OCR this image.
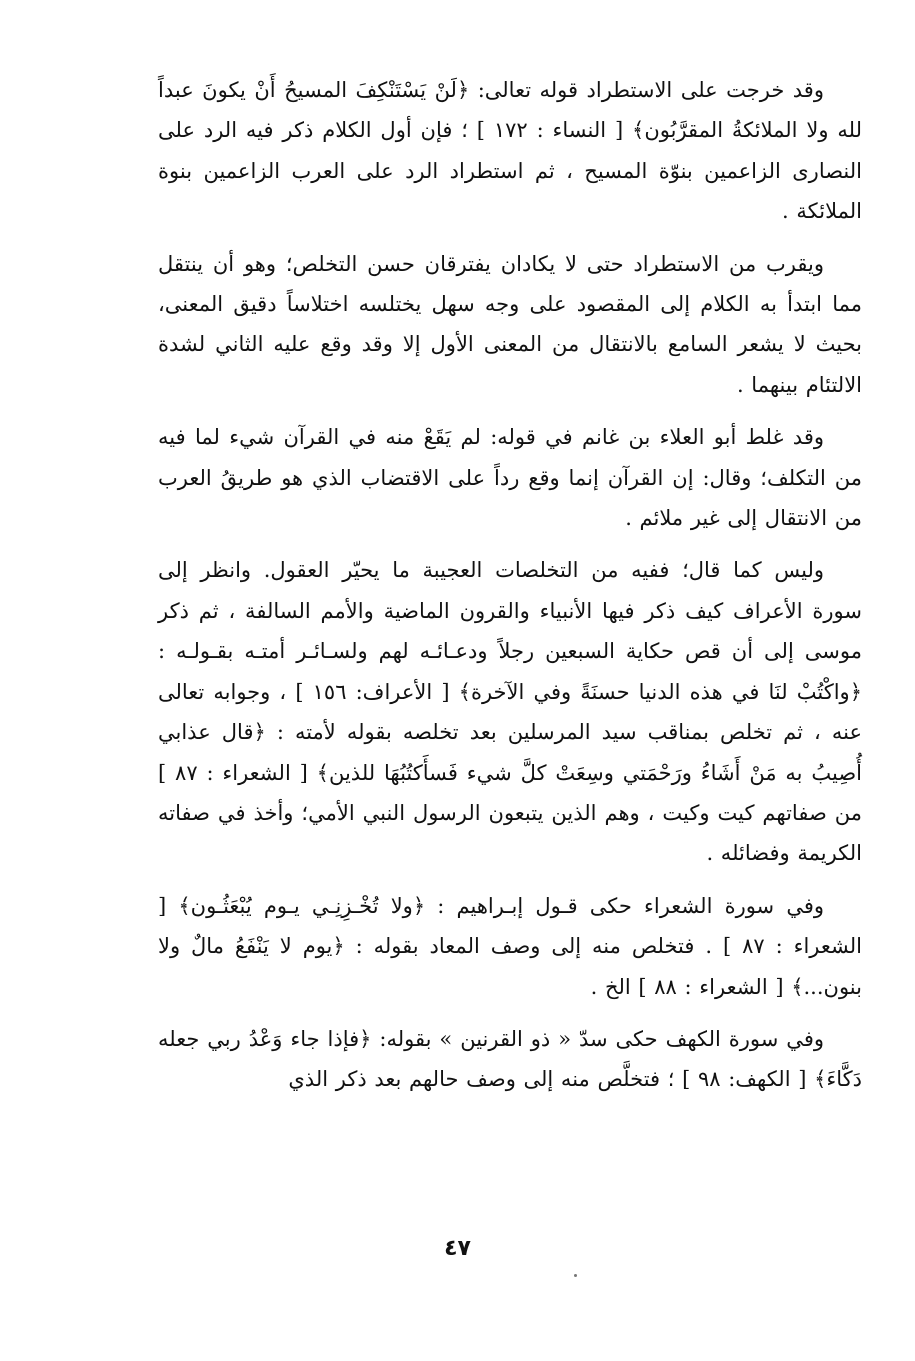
وقد خرجت على الاستطراد قوله تعالى: ﴿لَنْ يَسْتَنْكِفَ المسيحُ أَنْ يكونَ عبداً لله ولا الملائكةُ المقرَّبُون﴾ [ النساء : ١٧٢ ] ؛ فإن أول الكلام ذكر فيه الرد على النصارى الزاعمين بنوّة المسيح ، ثم استطراد الرد على العرب الزاعمين بنوة الملائكة .

ويقرب من الاستطراد حتى لا يكادان يفترقان حسن التخلص؛ وهو أن ينتقل مما ابتدأ به الكلام إلى المقصود على وجه سهل يختلسه اختلاساً دقيق المعنى، بحيث لا يشعر السامع بالانتقال من المعنى الأول إلا وقد وقع عليه الثاني لشدة الالتئام بينهما .

وقد غلط أبو العلاء بن غانم في قوله: لم يَقَعْ منه في القرآن شيء لما فيه من التكلف؛ وقال: إن القرآن إنما وقع رداً على الاقتضاب الذي هو طريقُ العرب من الانتقال إلى غير ملائم .

وليس كما قال؛ ففيه من التخلصات العجيبة ما يحيّر العقول. وانظر إلى سورة الأعراف كيف ذكر فيها الأنبياء والقرون الماضية والأمم السالفة ، ثم ذكر موسى إلى أن قص حكاية السبعين رجلاً ودعـائـه لهم ولسـائـر أمتـه بقـولـه : ﴿واكْتُبْ لنَا في هذه الدنيا حسنَةً وفي الآخرة﴾ [ الأعراف: ١٥٦ ] ، وجوابه تعالى عنه ، ثم تخلص بمناقب سيد المرسلين بعد تخلصه بقوله لأمته : ﴿قال عذابي أُصِيبُ به مَنْ أَشَاءُ ورَحْمَتي وسِعَتْ كلَّ شيء فَسأَكتُبُهَا للذين﴾ [ الشعراء : ٨٧ ] من صفاتهم كيت وكيت ، وهم الذين يتبعون الرسول النبي الأمي؛ وأخذ في صفاته الكريمة وفضائله .

وفي سورة الشعراء حكى قـول إبـراهيم : ﴿ولا تُخْـزِنِـي يـوم يُبْعَثُـون﴾ [ الشعراء : ٨٧ ] . فتخلص منه إلى وصف المعاد بقوله : ﴿يوم لا يَنْفَعُ مالٌ ولا بنون...﴾ [ الشعراء : ٨٨ ] الخ .

وفي سورة الكهف حكى سدّ « ذو القرنين » بقوله: ﴿فإذا جاء وَعْدُ ربي جعله دَكَّاءَ﴾ [ الكهف: ٩٨ ] ؛ فتخلَّص منه إلى وصف حالهم بعد ذكر الذي

٤٧
